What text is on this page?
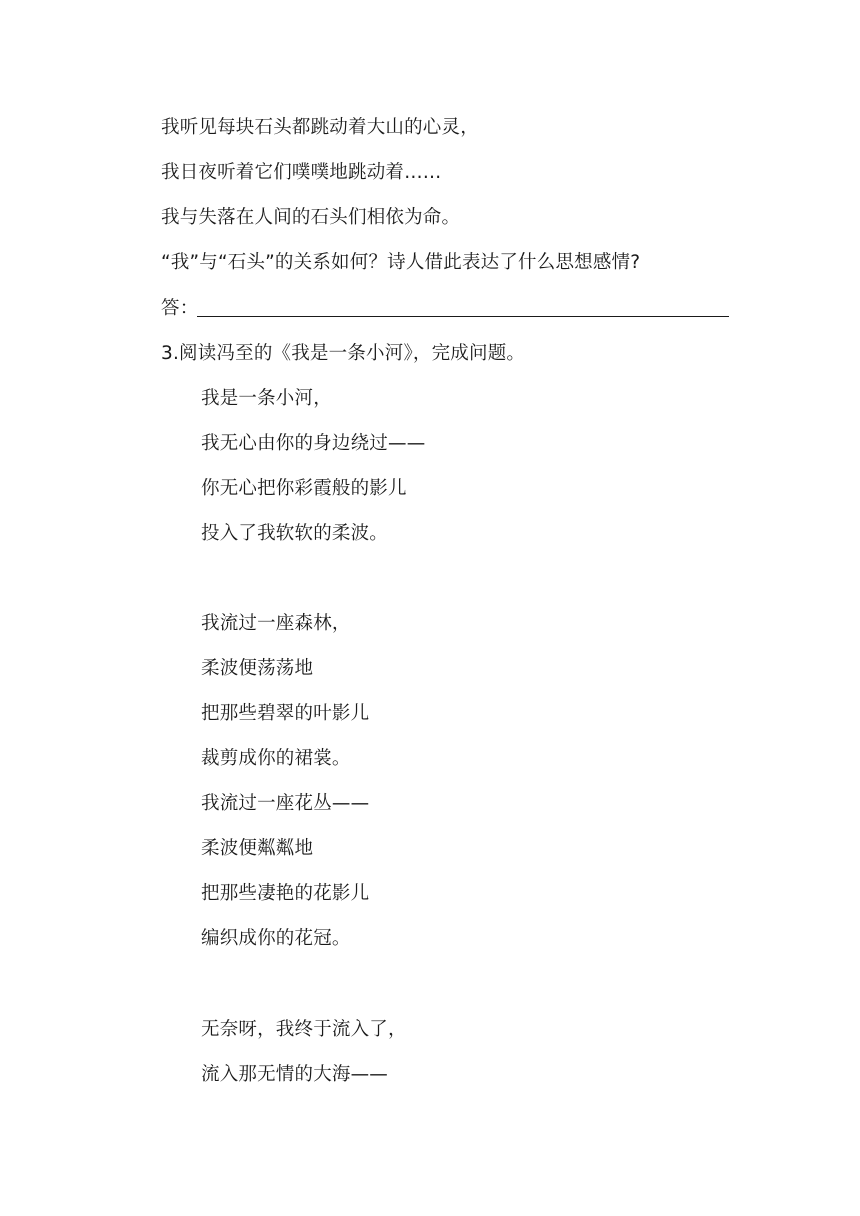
我听见每块石头都跳动着大山的心灵，
我日夜听着它们噗噗地跳动着……
我与失落在人间的石头们相依为命。
“我”与“石头”的关系如何？诗人借此表达了什么思想感情?
答：
3.阅读冯至的《我是一条小河》，完成问题。
我是一条小河，
我无心由你的身边绕过——
你无心把你彩霞般的影儿
投入了我软软的柔波。
我流过一座森林，
柔波便荡荡地
把那些碧翠的叶影儿
裁剪成你的裙裳。
我流过一座花丛——
柔波便粼粼地
把那些凄艳的花影儿
编织成你的花冠。
无奈呀，我终于流入了，
流入那无情的大海——
